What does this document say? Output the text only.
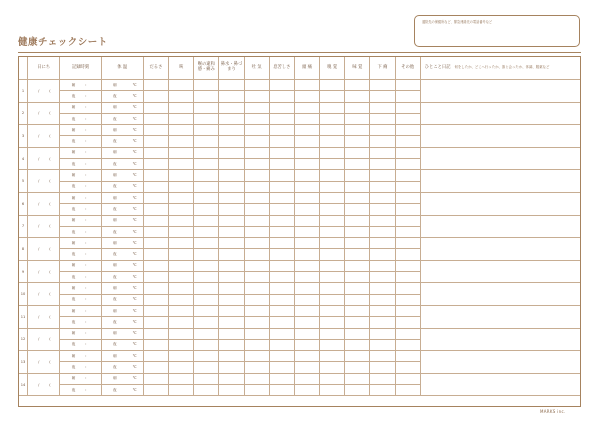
健康チェックシート
通院先の保健所など、緊急連絡先の電話番号など
	日にち	記録時刻	体 温	だるさ	咳	喉の違和感・痛み	鼻水・鼻づまり	吐 気	息苦しさ	頭 痛	嗅 覚	味 覚	下 痢	その他	ひとこと日記 何をしたか、どこへ行ったか、誰と会ったか、体調、服薬など
1	/ (	朝 :	朝 ℃												
		夜 :	夜 ℃												
2	/ (	朝 :	朝 ℃												
		夜 :	夜 ℃												
3	/ (	朝 :	朝 ℃												
		夜 :	夜 ℃												
4	/ (	朝 :	朝 ℃												
		夜 :	夜 ℃												
5	/ (	朝 :	朝 ℃												
		夜 :	夜 ℃												
6	/ (	朝 :	朝 ℃												
		夜 :	夜 ℃												
7	/ (	朝 :	朝 ℃												
		夜 :	夜 ℃												
8	/ (	朝 :	朝 ℃												
		夜 :	夜 ℃												
9	/ (	朝 :	朝 ℃												
		夜 :	夜 ℃												
10	/ (	朝 :	朝 ℃												
		夜 :	夜 ℃												
11	/ (	朝 :	朝 ℃												
		夜 :	夜 ℃												
12	/ (	朝 :	朝 ℃												
		夜 :	夜 ℃												
13	/ (	朝 :	朝 ℃												
		夜 :	夜 ℃												
14	/ (	朝 :	朝 ℃												
		夜 :	夜 ℃												
MARKS inc.
